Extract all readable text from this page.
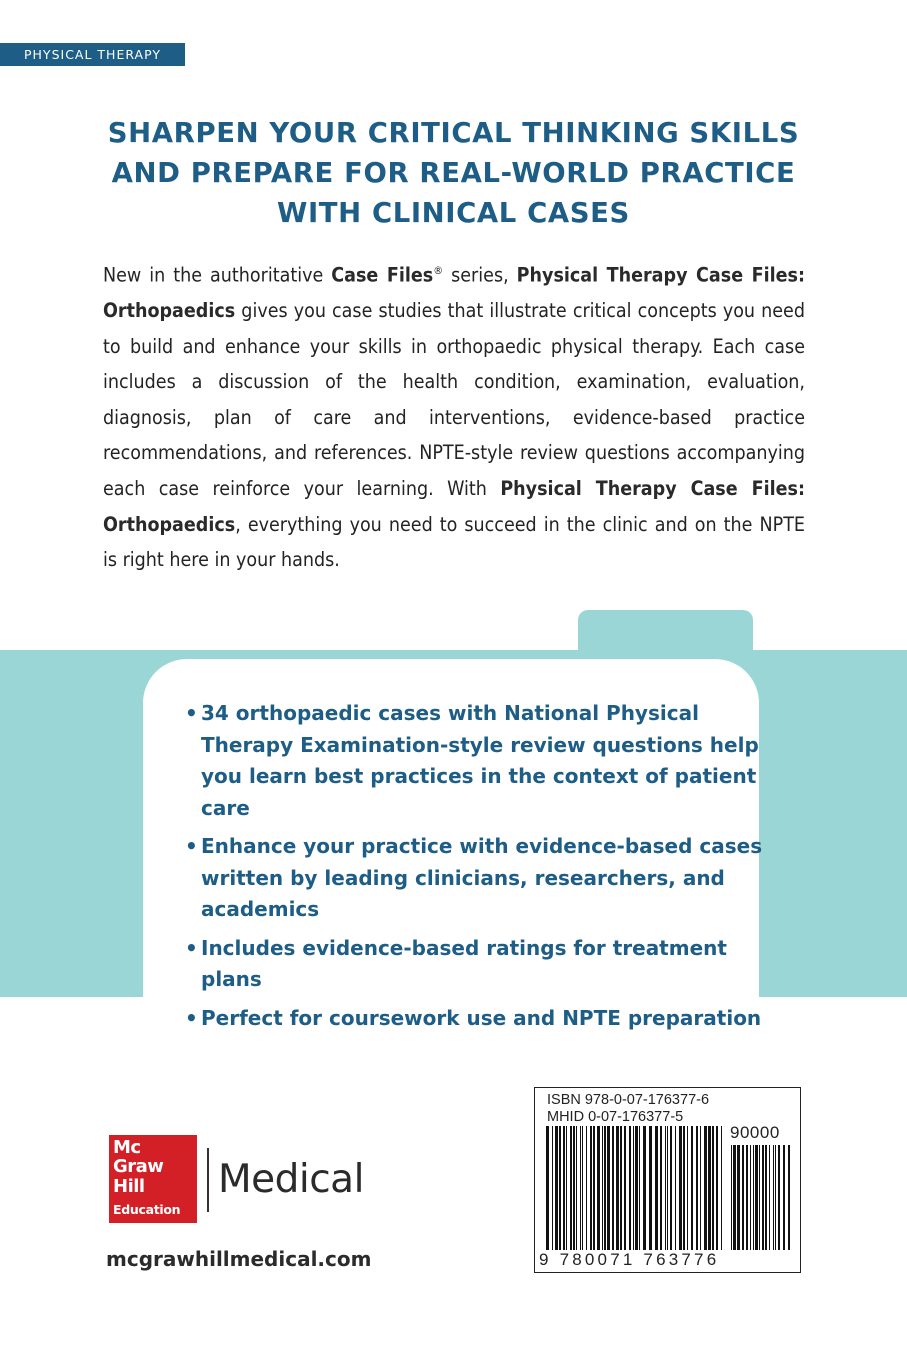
PHYSICAL THERAPY
SHARPEN YOUR CRITICAL THINKING SKILLS
AND PREPARE FOR REAL-WORLD PRACTICE
WITH CLINICAL CASES
New in the authoritative Case Files® series, Physical Therapy Case Files: Orthopaedics gives you case studies that illustrate critical concepts you need to build and enhance your skills in orthopaedic physical therapy. Each case includes a discussion of the health condition, examination, evaluation, diagnosis, plan of care and interventions, evidence-based practice recommendations, and references. NPTE-style review questions accompanying each case reinforce your learning. With Physical Therapy Case Files: Orthopaedics, everything you need to succeed in the clinic and on the NPTE is right here in your hands.
• 34 orthopaedic cases with National Physical Therapy Examination-style review questions help you learn best practices in the context of patient care
• Enhance your practice with evidence-based cases written by leading clinicians, researchers, and academics
• Includes evidence-based ratings for treatment plans
• Perfect for coursework use and NPTE preparation
Mc
Graw
Hill
Education
Medical
mcgrawhillmedical.com
ISBN 978-0-07-176377-6
MHID 0-07-176377-5
90000
9 780071 763776
